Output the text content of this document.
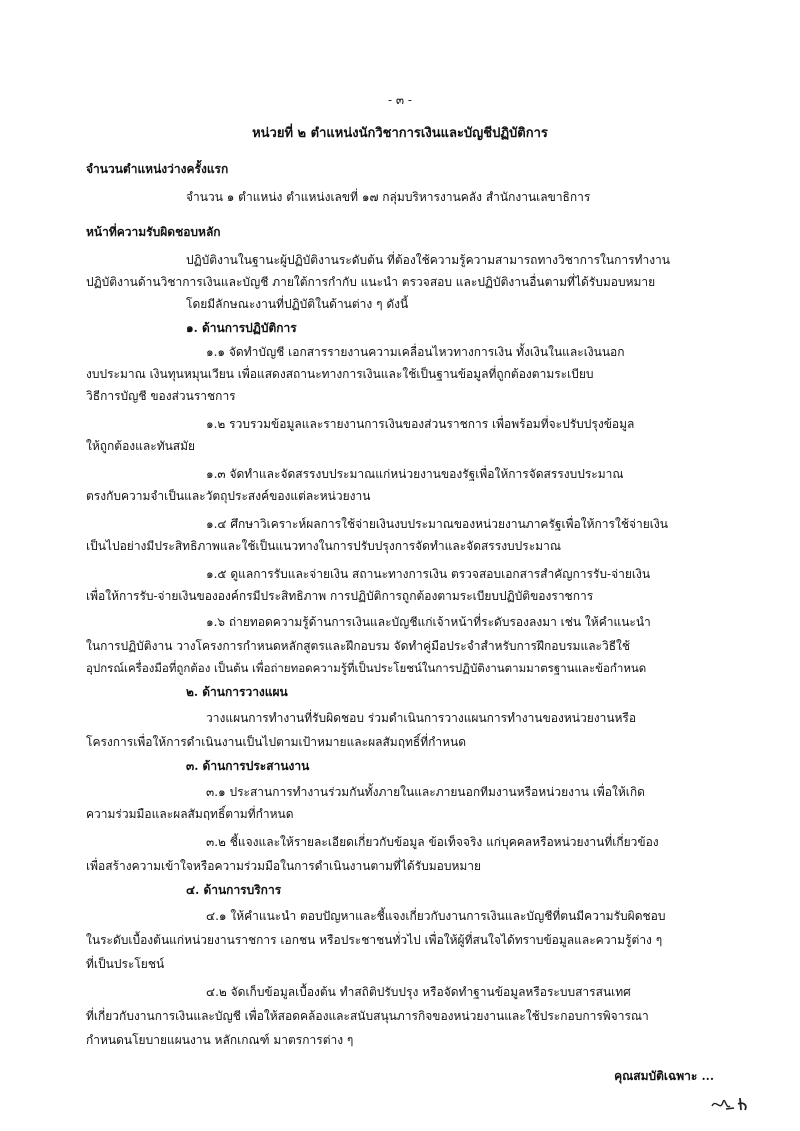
- ๓ -
หน่วยที่ ๒ ตำแหน่งนักวิชาการเงินและบัญชีปฏิบัติการ
จำนวนตำแหน่งว่างครั้งแรก
จำนวน ๑ ตำแหน่ง ตำแหน่งเลขที่ ๑๗ กลุ่มบริหารงานคลัง สำนักงานเลขาธิการ
หน้าที่ความรับผิดชอบหลัก
ปฏิบัติงานในฐานะผู้ปฏิบัติงานระดับต้น ที่ต้องใช้ความรู้ความสามารถทางวิชาการในการทำงาน
ปฏิบัติงานด้านวิชาการเงินและบัญชี ภายใต้การกำกับ แนะนำ ตรวจสอบ และปฏิบัติงานอื่นตามที่ได้รับมอบหมาย
โดยมีลักษณะงานที่ปฏิบัติในด้านต่าง ๆ ดังนี้
๑. ด้านการปฏิบัติการ
๑.๑ จัดทำบัญชี เอกสารรายงานความเคลื่อนไหวทางการเงิน ทั้งเงินในและเงินนอก
งบประมาณ เงินทุนหมุนเวียน เพื่อแสดงสถานะทางการเงินและใช้เป็นฐานข้อมูลที่ถูกต้องตามระเบียบ
วิธีการบัญชี ของส่วนราชการ
๑.๒ รวบรวมข้อมูลและรายงานการเงินของส่วนราชการ เพื่อพร้อมที่จะปรับปรุงข้อมูล
ให้ถูกต้องและทันสมัย
๑.๓ จัดทำและจัดสรรงบประมาณแก่หน่วยงานของรัฐเพื่อให้การจัดสรรงบประมาณ
ตรงกับความจำเป็นและวัตถุประสงค์ของแต่ละหน่วยงาน
๑.๔ ศึกษาวิเคราะห์ผลการใช้จ่ายเงินงบประมาณของหน่วยงานภาครัฐเพื่อให้การใช้จ่ายเงิน
เป็นไปอย่างมีประสิทธิภาพและใช้เป็นแนวทางในการปรับปรุงการจัดทำและจัดสรรงบประมาณ
๑.๕ ดูแลการรับและจ่ายเงิน สถานะทางการเงิน ตรวจสอบเอกสารสำคัญการรับ-จ่ายเงิน
เพื่อให้การรับ-จ่ายเงินขององค์กรมีประสิทธิภาพ การปฏิบัติการถูกต้องตามระเบียบปฏิบัติของราชการ
๑.๖ ถ่ายทอดความรู้ด้านการเงินและบัญชีแก่เจ้าหน้าที่ระดับรองลงมา เช่น ให้คำแนะนำ
ในการปฏิบัติงาน วางโครงการกำหนดหลักสูตรและฝึกอบรม จัดทำคู่มือประจำสำหรับการฝึกอบรมและวิธีใช้
อุปกรณ์เครื่องมือที่ถูกต้อง เป็นต้น เพื่อถ่ายทอดความรู้ที่เป็นประโยชน์ในการปฏิบัติงานตามมาตรฐานและข้อกำหนด
๒. ด้านการวางแผน
วางแผนการทำงานที่รับผิดชอบ ร่วมดำเนินการวางแผนการทำงานของหน่วยงานหรือ
โครงการเพื่อให้การดำเนินงานเป็นไปตามเป้าหมายและผลสัมฤทธิ์ที่กำหนด
๓. ด้านการประสานงาน
๓.๑ ประสานการทำงานร่วมกันทั้งภายในและภายนอกทีมงานหรือหน่วยงาน เพื่อให้เกิด
ความร่วมมือและผลสัมฤทธิ์ตามที่กำหนด
๓.๒ ชี้แจงและให้รายละเอียดเกี่ยวกับข้อมูล ข้อเท็จจริง แก่บุคคลหรือหน่วยงานที่เกี่ยวข้อง
เพื่อสร้างความเข้าใจหรือความร่วมมือในการดำเนินงานตามที่ได้รับมอบหมาย
๔. ด้านการบริการ
๔.๑ ให้คำแนะนำ ตอบปัญหาและชี้แจงเกี่ยวกับงานการเงินและบัญชีที่ตนมีความรับผิดชอบ
ในระดับเบื้องต้นแก่หน่วยงานราชการ เอกชน หรือประชาชนทั่วไป เพื่อให้ผู้ที่สนใจได้ทราบข้อมูลและความรู้ต่าง ๆ
ที่เป็นประโยชน์
๔.๒ จัดเก็บข้อมูลเบื้องต้น ทำสถิติปรับปรุง หรือจัดทำฐานข้อมูลหรือระบบสารสนเทศ
ที่เกี่ยวกับงานการเงินและบัญชี เพื่อให้สอดคล้องและสนับสนุนภารกิจของหน่วยงานและใช้ประกอบการพิจารณา
กำหนดนโยบายแผนงาน หลักเกณฑ์ มาตรการต่าง ๆ
คุณสมบัติเฉพาะ ...
